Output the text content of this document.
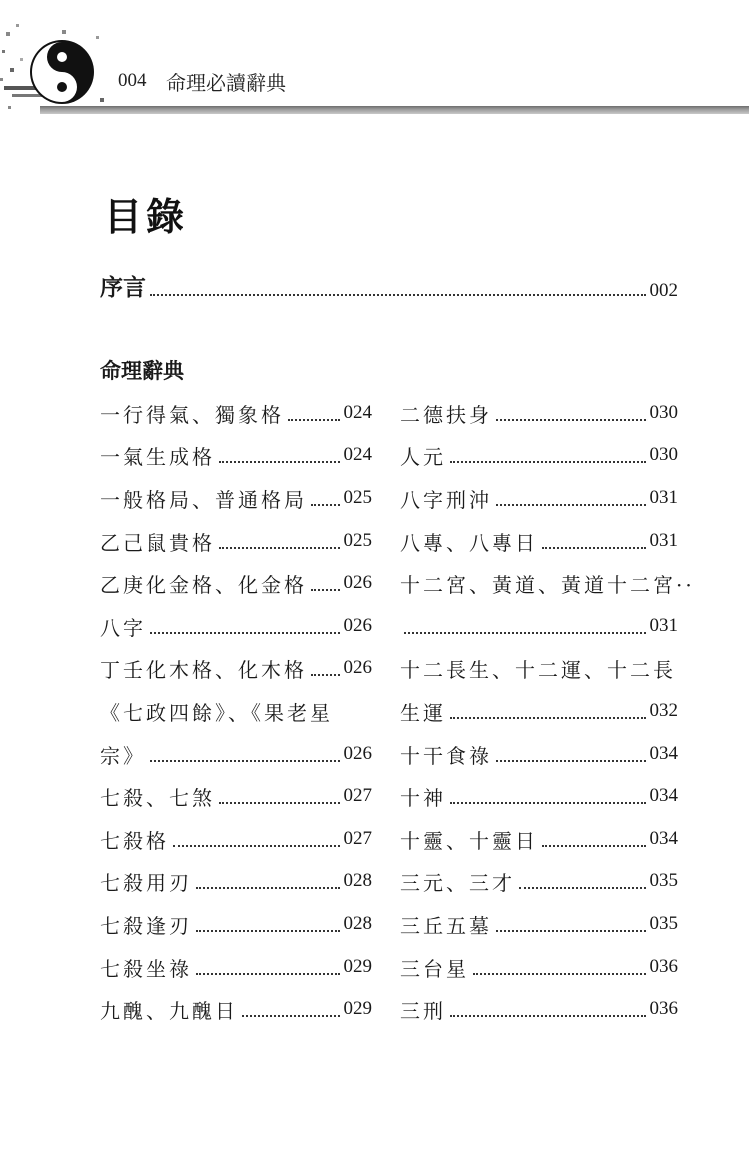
004 命理必讀辭典
目錄
序言	002
命理辭典
一行得氣、獨象格	024
一氣生成格	024
一般格局、普通格局 025
乙己鼠貴格	025
乙庚化金格、化金格 026
八字	026
丁壬化木格、化木格 026
《七政四餘》、《果老星
宗》	026
七殺、七煞	027
七殺格	027
七殺用刃	028
七殺逢刃	028
七殺坐祿	029
九醜、九醜日	029
二德扶身	030
人元	030
八字刑沖	031
八專、八專日	031
十二宮、黃道、黃道十二宮··
031
十二長生、十二運、十二長
生運	032
十干食祿	034
十神	034
十靈、十靈日	034
三元、三才	035
三丘五墓	035
三台星	036
三刑	036
